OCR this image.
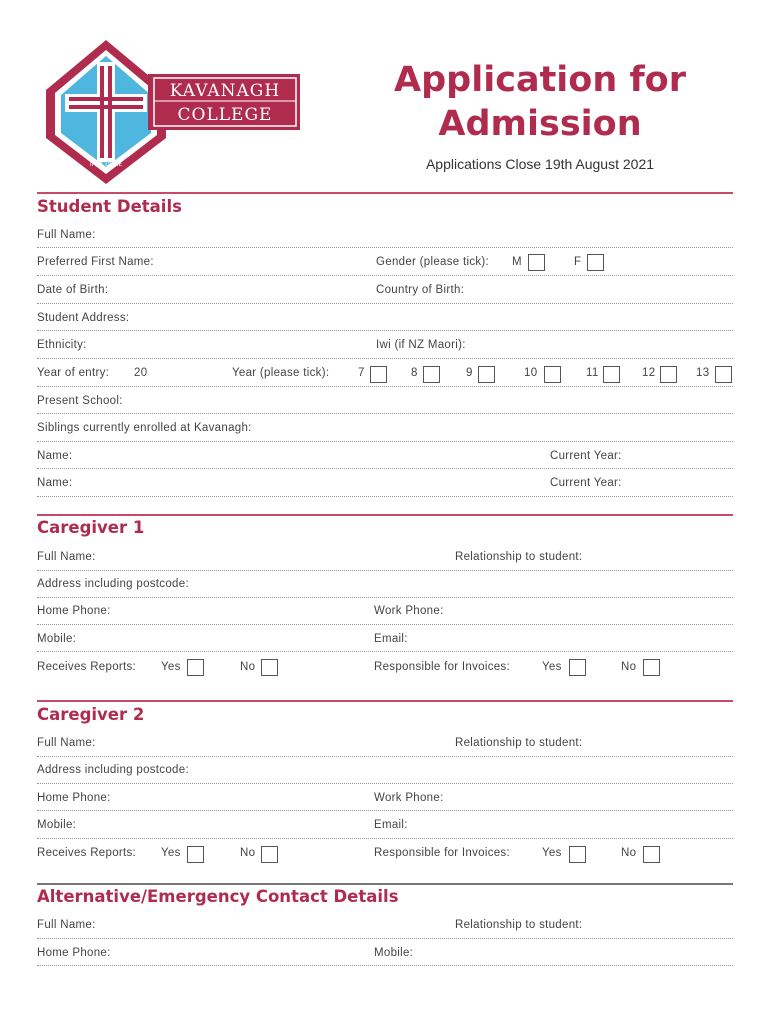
KAVANAGH
COLLEGE
IPSA DUCE
Application for
Admission
Applications Close 19th August 2021
Student Details
Full Name:
Preferred First Name:	Gender (please tick): M	F
Date of Birth:	Country of Birth:
Student Address:
Ethnicity:	Iwi (if NZ Maori):
Year of entry: 20	Year (please tick): 7	8	9	10	11	12	13
Present School:
Siblings currently enrolled at Kavanagh:
Name:	Current Year:
Name:	Current Year:
Caregiver 1
Full Name:	Relationship to student:
Address including postcode:
Home Phone:	Work Phone:
Mobile:	Email:
Receives Reports: Yes	No	Responsible for Invoices:	Yes	No
Caregiver 2
Full Name:	Relationship to student:
Address including postcode:
Home Phone:	Work Phone:
Mobile:	Email:
Receives Reports: Yes	No	Responsible for Invoices:	Yes	No
Alternative/Emergency Contact Details
Full Name:	Relationship to student:
Home Phone:	Mobile:
